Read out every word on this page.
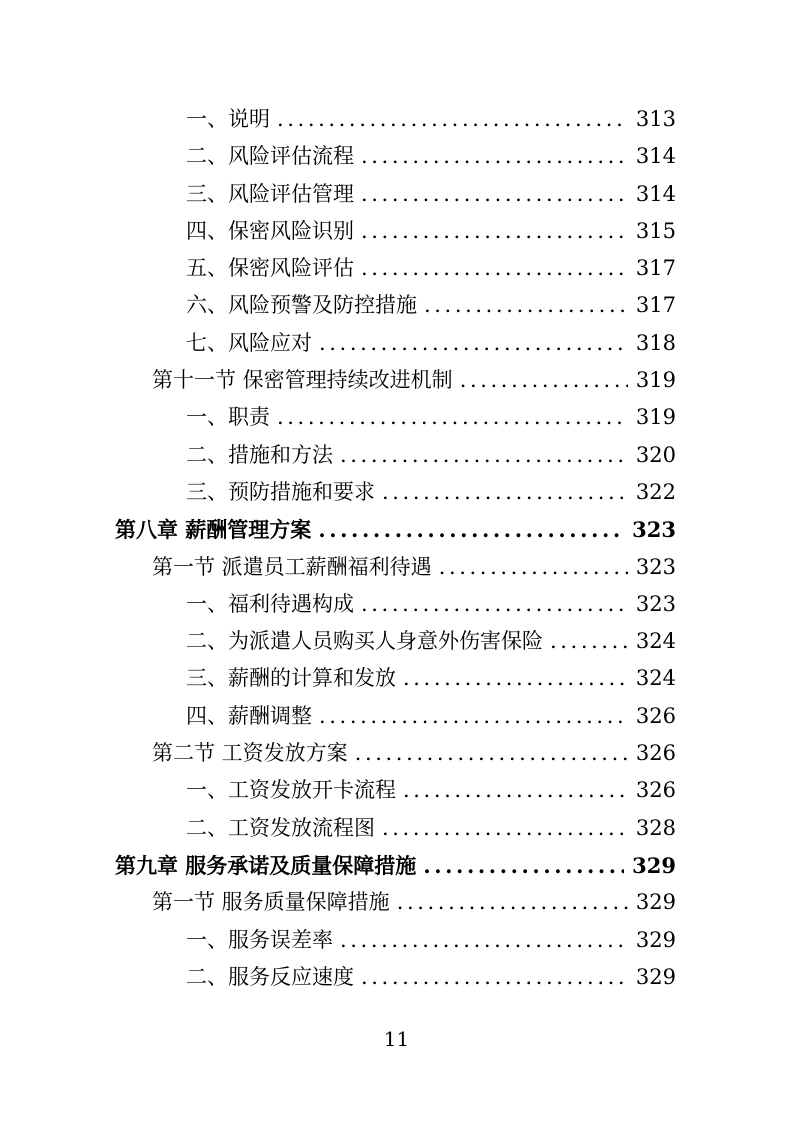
一、说明 .....	313
二、风险评估流程 .....	314
三、风险评估管理 .....	314
四、保密风险识别 .....	315
五、保密风险评估 .....	317
六、风险预警及防控措施 .....	317
七、风险应对 .....	318
第十一节 保密管理持续改进机制 .....	319
一、职责 .....	319
二、措施和方法 .....	320
三、预防措施和要求 .....	322
第八章 薪酬管理方案 .....	323
第一节 派遣员工薪酬福利待遇 .....	323
一、福利待遇构成 .....	323
二、为派遣人员购买人身意外伤害保险 .....	324
三、薪酬的计算和发放 .....	324
四、薪酬调整 .....	326
第二节 工资发放方案 .....	326
一、工资发放开卡流程 .....	326
二、工资发放流程图 .....	328
第九章 服务承诺及质量保障措施 .....	329
第一节 服务质量保障措施 .....	329
一、服务误差率 .....	329
二、服务反应速度 .....	329
11
